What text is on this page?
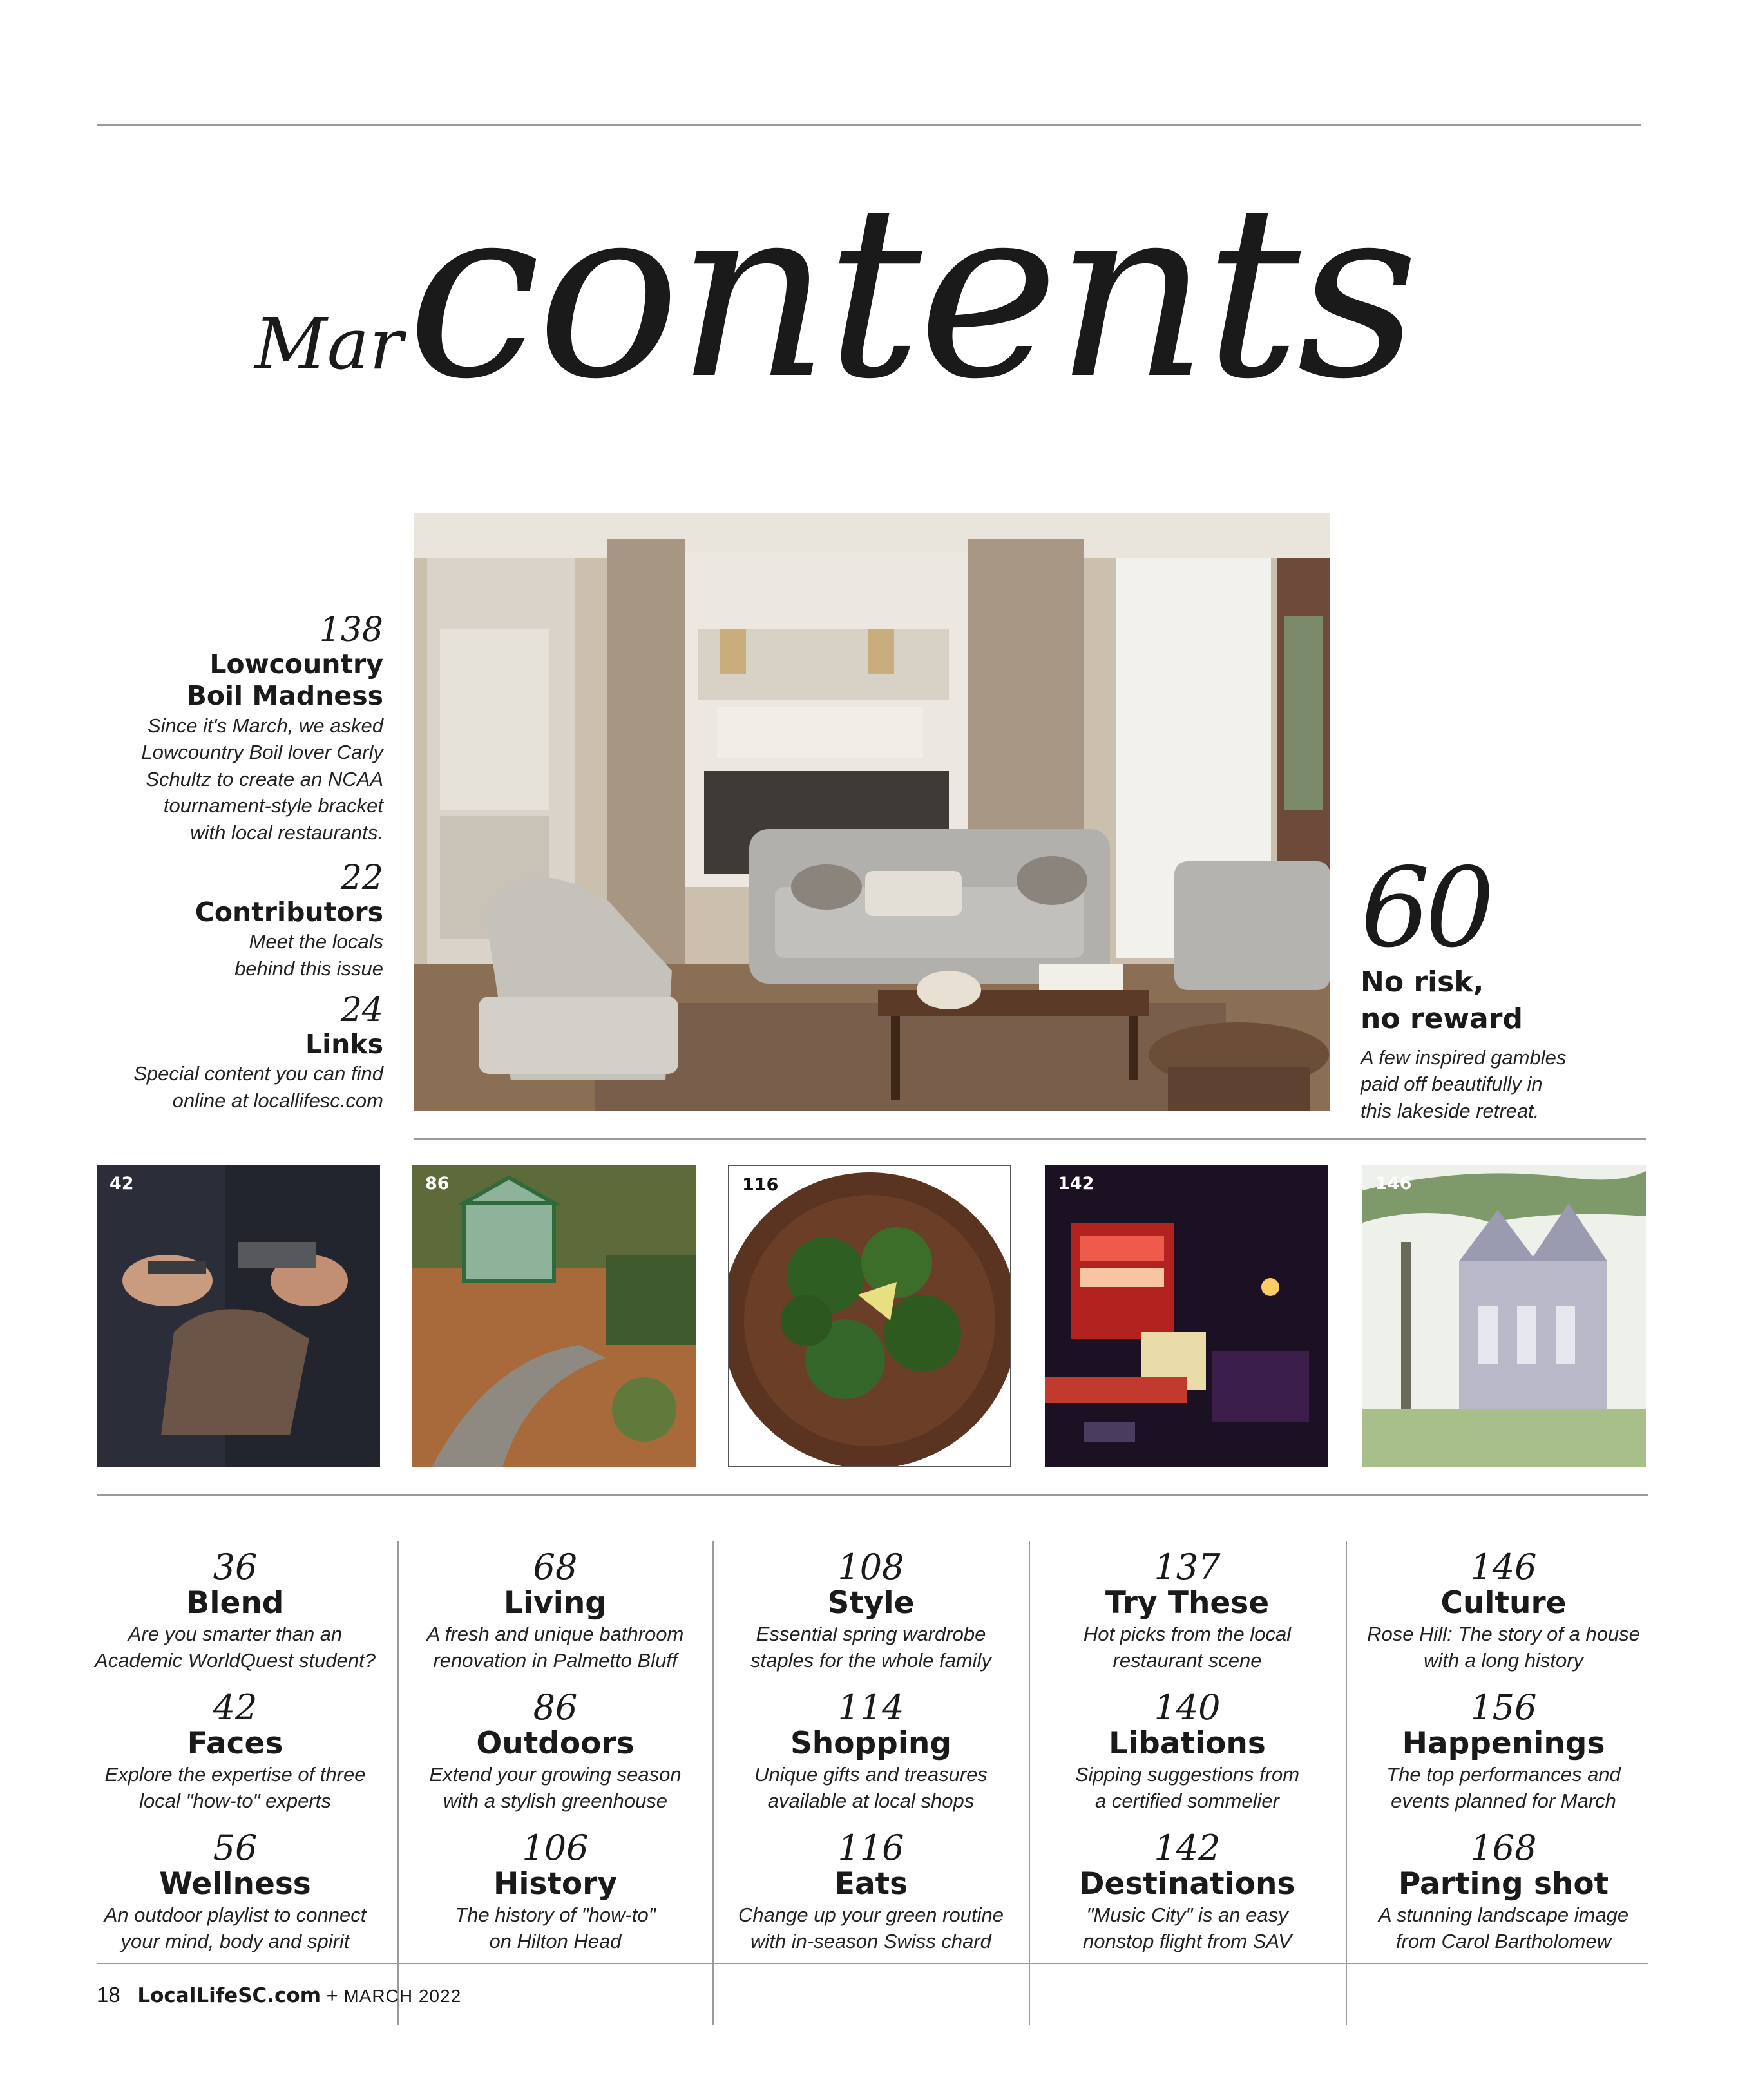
Mar contents
138
Lowcountry
Boil Madness
Since it's March, we asked
Lowcountry Boil lover Carly
Schultz to create an NCAA
tournament-style bracket
with local restaurants.
22
Contributors
Meet the locals
behind this issue
24
Links
Special content you can find
online at locallifesc.com
60
No risk,
no reward
A few inspired gambles
paid off beautifully in
this lakeside retreat.
42	86	116	142	146
36
Blend
Are you smarter than an
Academic WorldQuest student?
42
Faces
Explore the expertise of three
local "how-to" experts
56
Wellness
An outdoor playlist to connect
your mind, body and spirit
68
Living
A fresh and unique bathroom
renovation in Palmetto Bluff
86
Outdoors
Extend your growing season
with a stylish greenhouse
106
History
The history of "how-to"
on Hilton Head
108
Style
Essential spring wardrobe
staples for the whole family
114
Shopping
Unique gifts and treasures
available at local shops
116
Eats
Change up your green routine
with in-season Swiss chard
137
Try These
Hot picks from the local
restaurant scene
140
Libations
Sipping suggestions from
a certified sommelier
142
Destinations
"Music City" is an easy
nonstop flight from SAV
146
Culture
Rose Hill: The story of a house
with a long history
156
Happenings
The top performances and
events planned for March
168
Parting shot
A stunning landscape image
from Carol Bartholomew
18 LocalLifeSC.com + MARCH 2022
